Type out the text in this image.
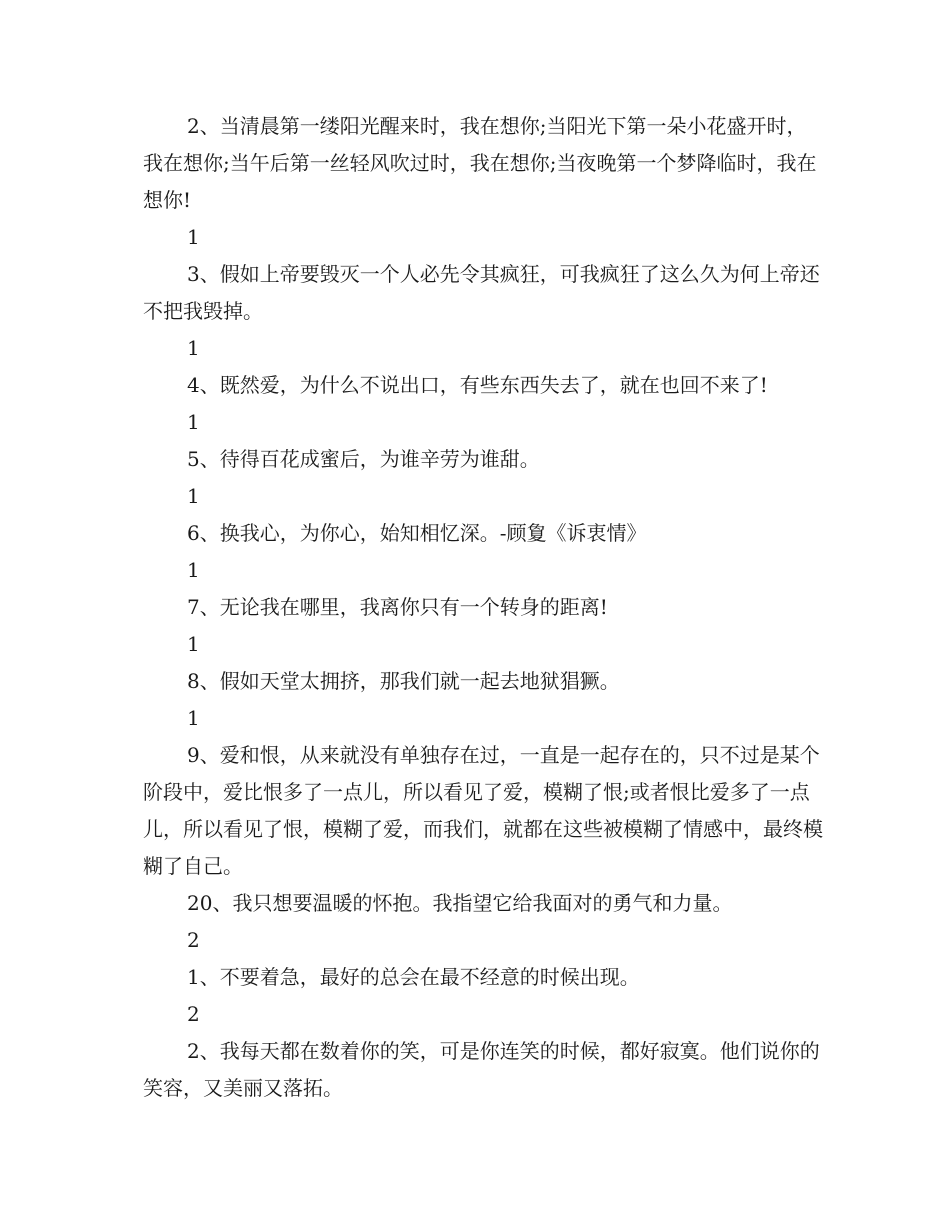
2、当清晨第一缕阳光醒来时，我在想你;当阳光下第一朵小花盛开时，我在想你;当午后第一丝轻风吹过时，我在想你;当夜晚第一个梦降临时，我在想你!

1

3、假如上帝要毁灭一个人必先令其疯狂，可我疯狂了这么久为何上帝还不把我毁掉。

1

4、既然爱，为什么不说出口，有些东西失去了，就在也回不来了!

1

5、待得百花成蜜后，为谁辛劳为谁甜。

1

6、换我心，为你心，始知相忆深。-顾夐《诉衷情》

1

7、无论我在哪里，我离你只有一个转身的距离!

1

8、假如天堂太拥挤，那我们就一起去地狱猖獗。

1

9、爱和恨，从来就没有单独存在过，一直是一起存在的，只不过是某个阶段中，爱比恨多了一点儿，所以看见了爱，模糊了恨;或者恨比爱多了一点儿，所以看见了恨，模糊了爱，而我们，就都在这些被模糊了情感中，最终模糊了自己。

20、我只想要温暖的怀抱。我指望它给我面对的勇气和力量。

2

1、不要着急，最好的总会在最不经意的时候出现。

2

2、我每天都在数着你的笑，可是你连笑的时候，都好寂寞。他们说你的笑容，又美丽又落拓。
